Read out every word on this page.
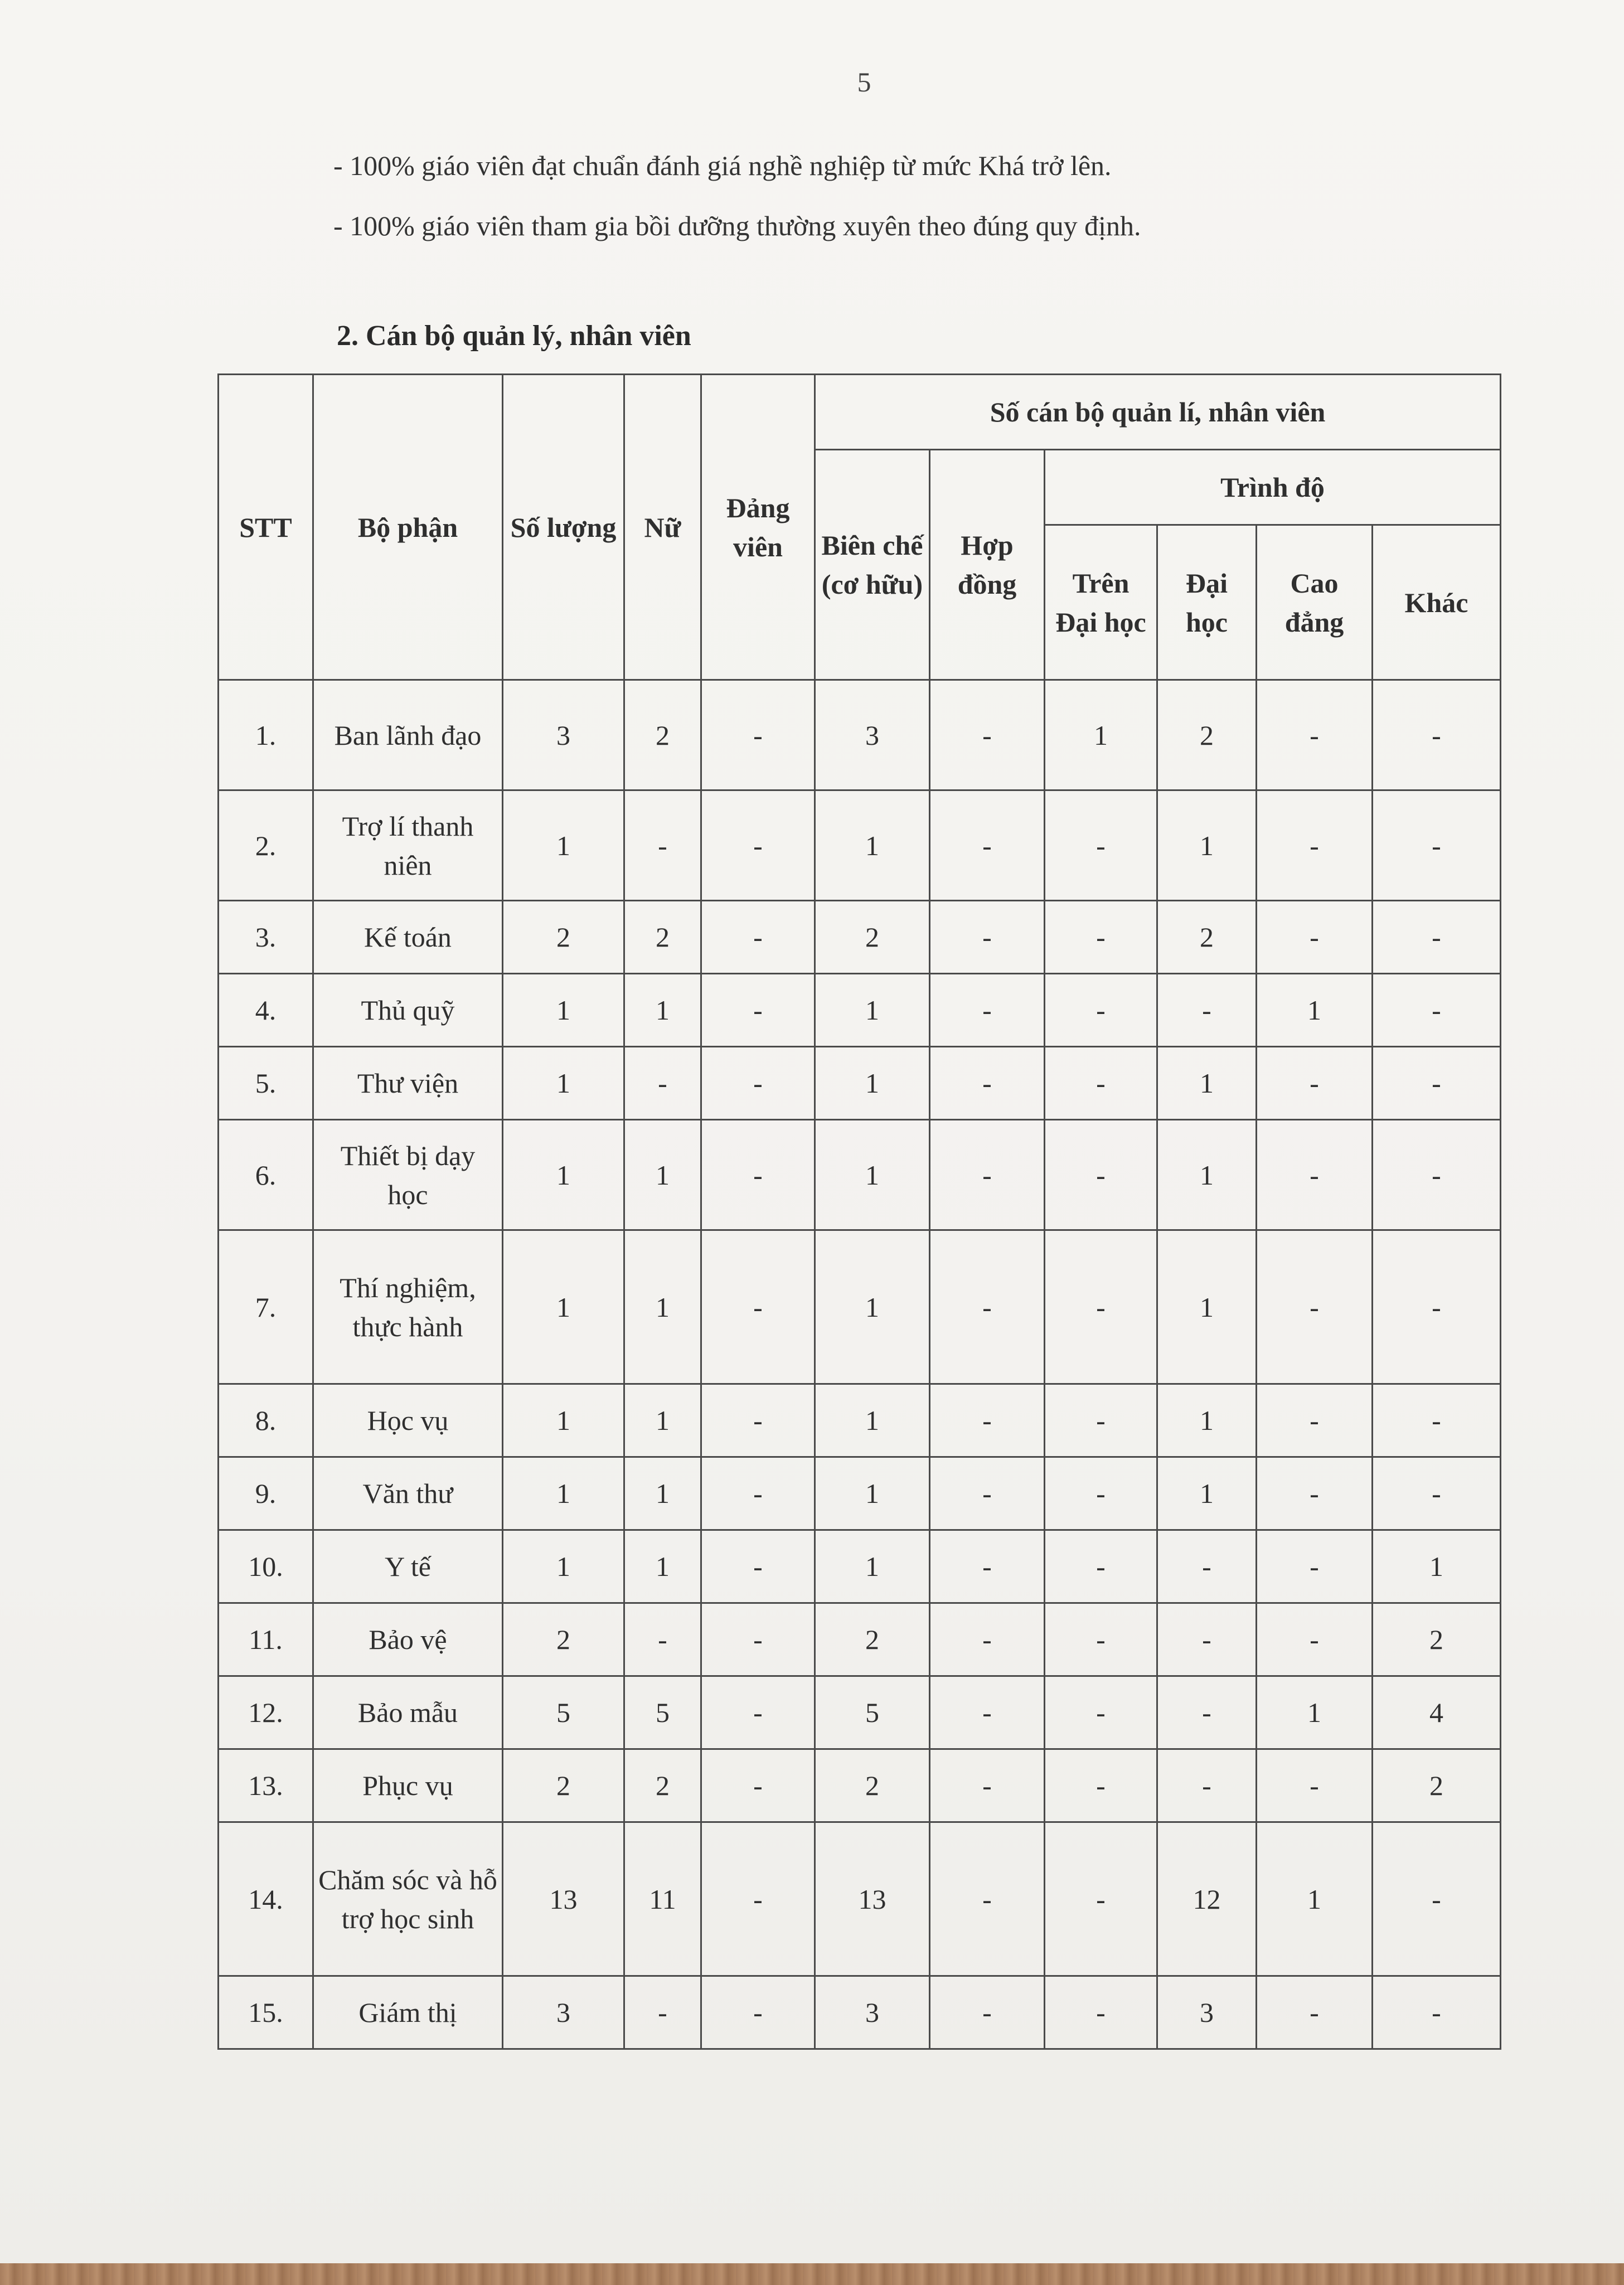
5
- 100% giáo viên đạt chuẩn đánh giá nghề nghiệp từ mức Khá trở lên.
- 100% giáo viên tham gia bồi dưỡng thường xuyên theo đúng quy định.
2. Cán bộ quản lý, nhân viên
STT	Bộ phận	Số lượng	Nữ	Đảng viên	Số cán bộ quản lí, nhân viên					
					Biên chế (cơ hữu)	Hợp đồng	Trình độ			
							Trên Đại học	Đại học	Cao đẳng	Khác
1.	Ban lãnh đạo	3	2	-	3	-	1	2	-	-
2.	Trợ lí thanh niên	1	-	-	1	-	-	1	-	-
3.	Kế toán	2	2	-	2	-	-	2	-	-
4.	Thủ quỹ	1	1	-	1	-	-	-	1	-
5.	Thư viện	1	-	-	1	-	-	1	-	-
6.	Thiết bị dạy học	1	1	-	1	-	-	1	-	-
7.	Thí nghiệm, thực hành	1	1	-	1	-	-	1	-	-
8.	Học vụ	1	1	-	1	-	-	1	-	-
9.	Văn thư	1	1	-	1	-	-	1	-	-
10.	Y tế	1	1	-	1	-	-	-	-	1
11.	Bảo vệ	2	-	-	2	-	-	-	-	2
12.	Bảo mẫu	5	5	-	5	-	-	-	1	4
13.	Phục vụ	2	2	-	2	-	-	-	-	2
14.	Chăm sóc và hỗ trợ học sinh	13	11	-	13	-	-	12	1	-
15.	Giám thị	3	-	-	3	-	-	3	-	-
